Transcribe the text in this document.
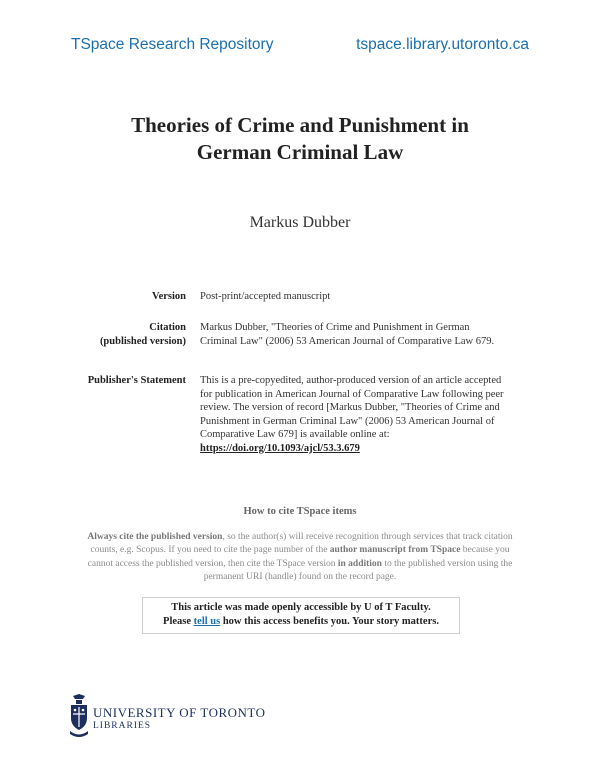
TSpace Research Repository	tspace.library.utoronto.ca
Theories of Crime and Punishment in
German Criminal Law
Markus Dubber
Version Post-print/accepted manuscript
Citation
(published version)
Markus Dubber, "Theories of Crime and Punishment in German
Criminal Law" (2006) 53 American Journal of Comparative Law 679.
Publisher's Statement This is a pre-copyedited, author-produced version of an article accepted
for publication in American Journal of Comparative Law following peer
review. The version of record [Markus Dubber, "Theories of Crime and
Punishment in German Criminal Law" (2006) 53 American Journal of
Comparative Law 679] is available online at:
https://doi.org/10.1093/ajcl/53.3.679
How to cite TSpace items
Always cite the published version, so the author(s) will receive recognition through services that track citation counts, e.g. Scopus. If you need to cite the page number of the author manuscript from TSpace because you cannot access the published version, then cite the TSpace version in addition to the published version using the permanent URI (handle) found on the record page.
This article was made openly accessible by U of T Faculty.
Please tell us how this access benefits you. Your story matters.
UNIVERSITY OF TORONTO
LIBRARIES
